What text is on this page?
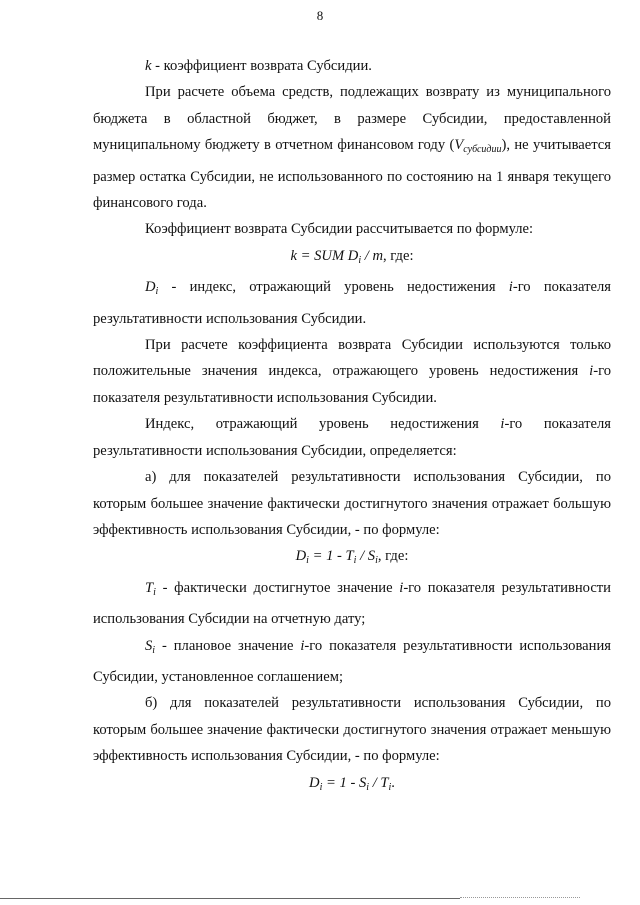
8

k - коэффициент возврата Субсидии.

При расчете объема средств, подлежащих возврату из муниципального бюджета в областной бюджет, в размере Субсидии, предоставленной муниципальному бюджету в отчетном финансовом году $(V_{субсидии})$, не учитывается размер остатка Субсидии, не использованного по состоянию на 1 января текущего финансового года.

Коэффициент возврата Субсидии рассчитывается по формуле:

k = SUM $D_i$ / m, где:

$D_i$ - индекс, отражающий уровень недостижения i-го показателя результативности использования Субсидии.

При расчете коэффициента возврата Субсидии используются только положительные значения индекса, отражающего уровень недостижения i-го показателя результативности использования Субсидии.

Индекс, отражающий уровень недостижения i-го показателя результативности использования Субсидии, определяется:

а) для показателей результативности использования Субсидии, по которым большее значение фактически достигнутого значения отражает большую эффективность использования Субсидии, - по формуле:

$D_i = 1 - T_i / S_i$, где:

$T_i$ - фактически достигнутое значение i-го показателя результативности использования Субсидии на отчетную дату;

$S_i$ - плановое значение i-го показателя результативности использования Субсидии, установленное соглашением;

б) для показателей результативности использования Субсидии, по которым большее значение фактически достигнутого значения отражает меньшую эффективность использования Субсидии, - по формуле:

$D_i = 1 - S_i / T_i$.
